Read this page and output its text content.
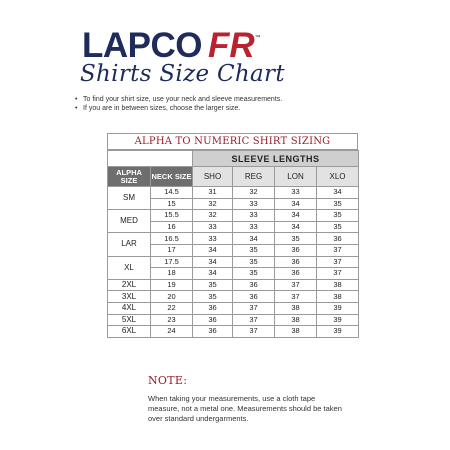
LAPCO FR™
Shirts Size Chart
• To find your shirt size, use your neck and sleeve measurements.
• If you are in between sizes, choose the larger size.
ALPHA TO NUMERIC SHIRT SIZING
		SLEEVE LENGTHS			
ALPHA SIZE	NECK SIZE	SHO	REG	LON	XLO
SM	14.5	31	32	33	34
	15	32	33	34	35
MED	15.5	32	33	34	35
	16	33	33	34	35
LAR	16.5	33	34	35	36
	17	34	35	36	37
XL	17.5	34	35	36	37
	18	34	35	36	37
2XL	19	35	36	37	38
3XL	20	35	36	37	38
4XL	22	36	37	38	39
5XL	23	36	37	38	39
6XL	24	36	37	38	39
NOTE:
When taking your measurements, use a cloth tape measure, not a metal one. Measurements should be taken over standard undergarments.
